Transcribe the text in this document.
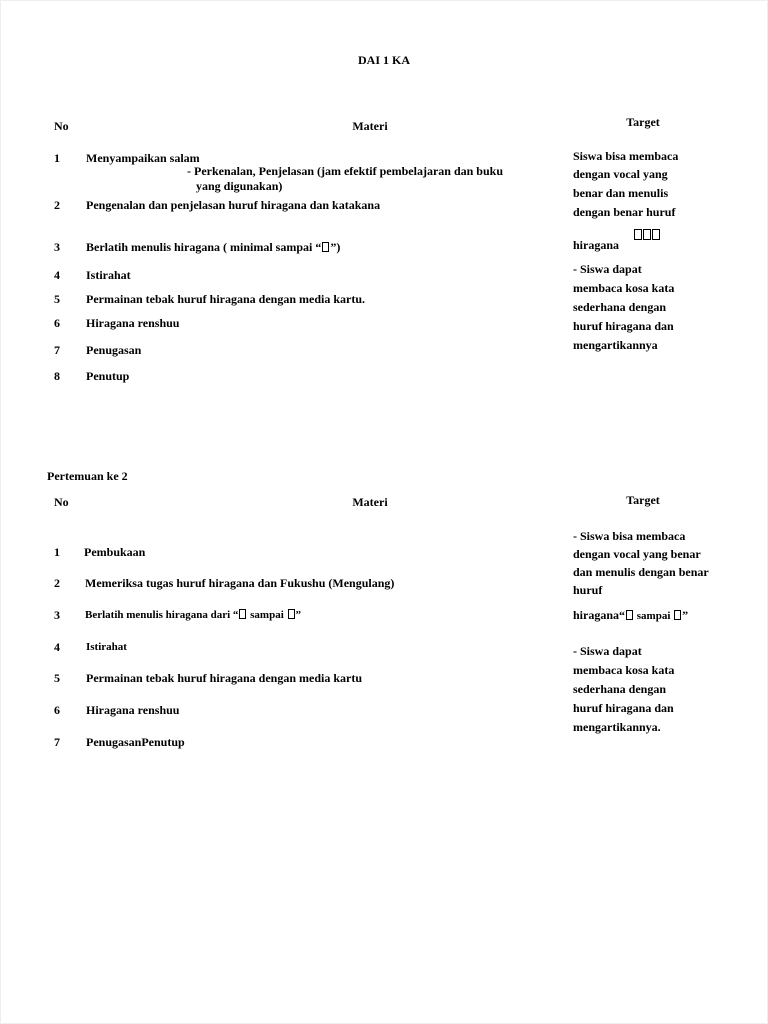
DAI 1 KA
No	Materi	Target
1 Menyampaikan salam
- Perkenalan, Penjelasan (jam efektif pembelajaran dan buku
yang digunakan)
2 Pengenalan dan penjelasan huruf hiragana dan katakana
3 Berlatih menulis hiragana ( minimal sampai “ ”)
4 Istirahat
5 Permainan tebak huruf hiragana dengan media kartu.
6 Hiragana renshuu
7 Penugasan
8 Penutup
Siswa bisa membaca
dengan vocal yang
benar dan menulis
dengan benar huruf
hiragana
- Siswa dapat
membaca kosa kata
sederhana dengan
huruf hiragana dan
mengartikannya
Pertemuan ke 2
No	Materi	Target
1 Pembukaan
2 Memeriksa tugas huruf hiragana dan Fukushu (Mengulang)
3 Berlatih menulis hiragana dari “ sampai ”
4 Istirahat
5 Permainan tebak huruf hiragana dengan media kartu
6 Hiragana renshuu
7 PenugasanPenutup
- Siswa bisa membaca
dengan vocal yang benar
dan menulis dengan benar
huruf
hiragana“ sampai ”
- Siswa dapat
membaca kosa kata
sederhana dengan
huruf hiragana dan
mengartikannya.
